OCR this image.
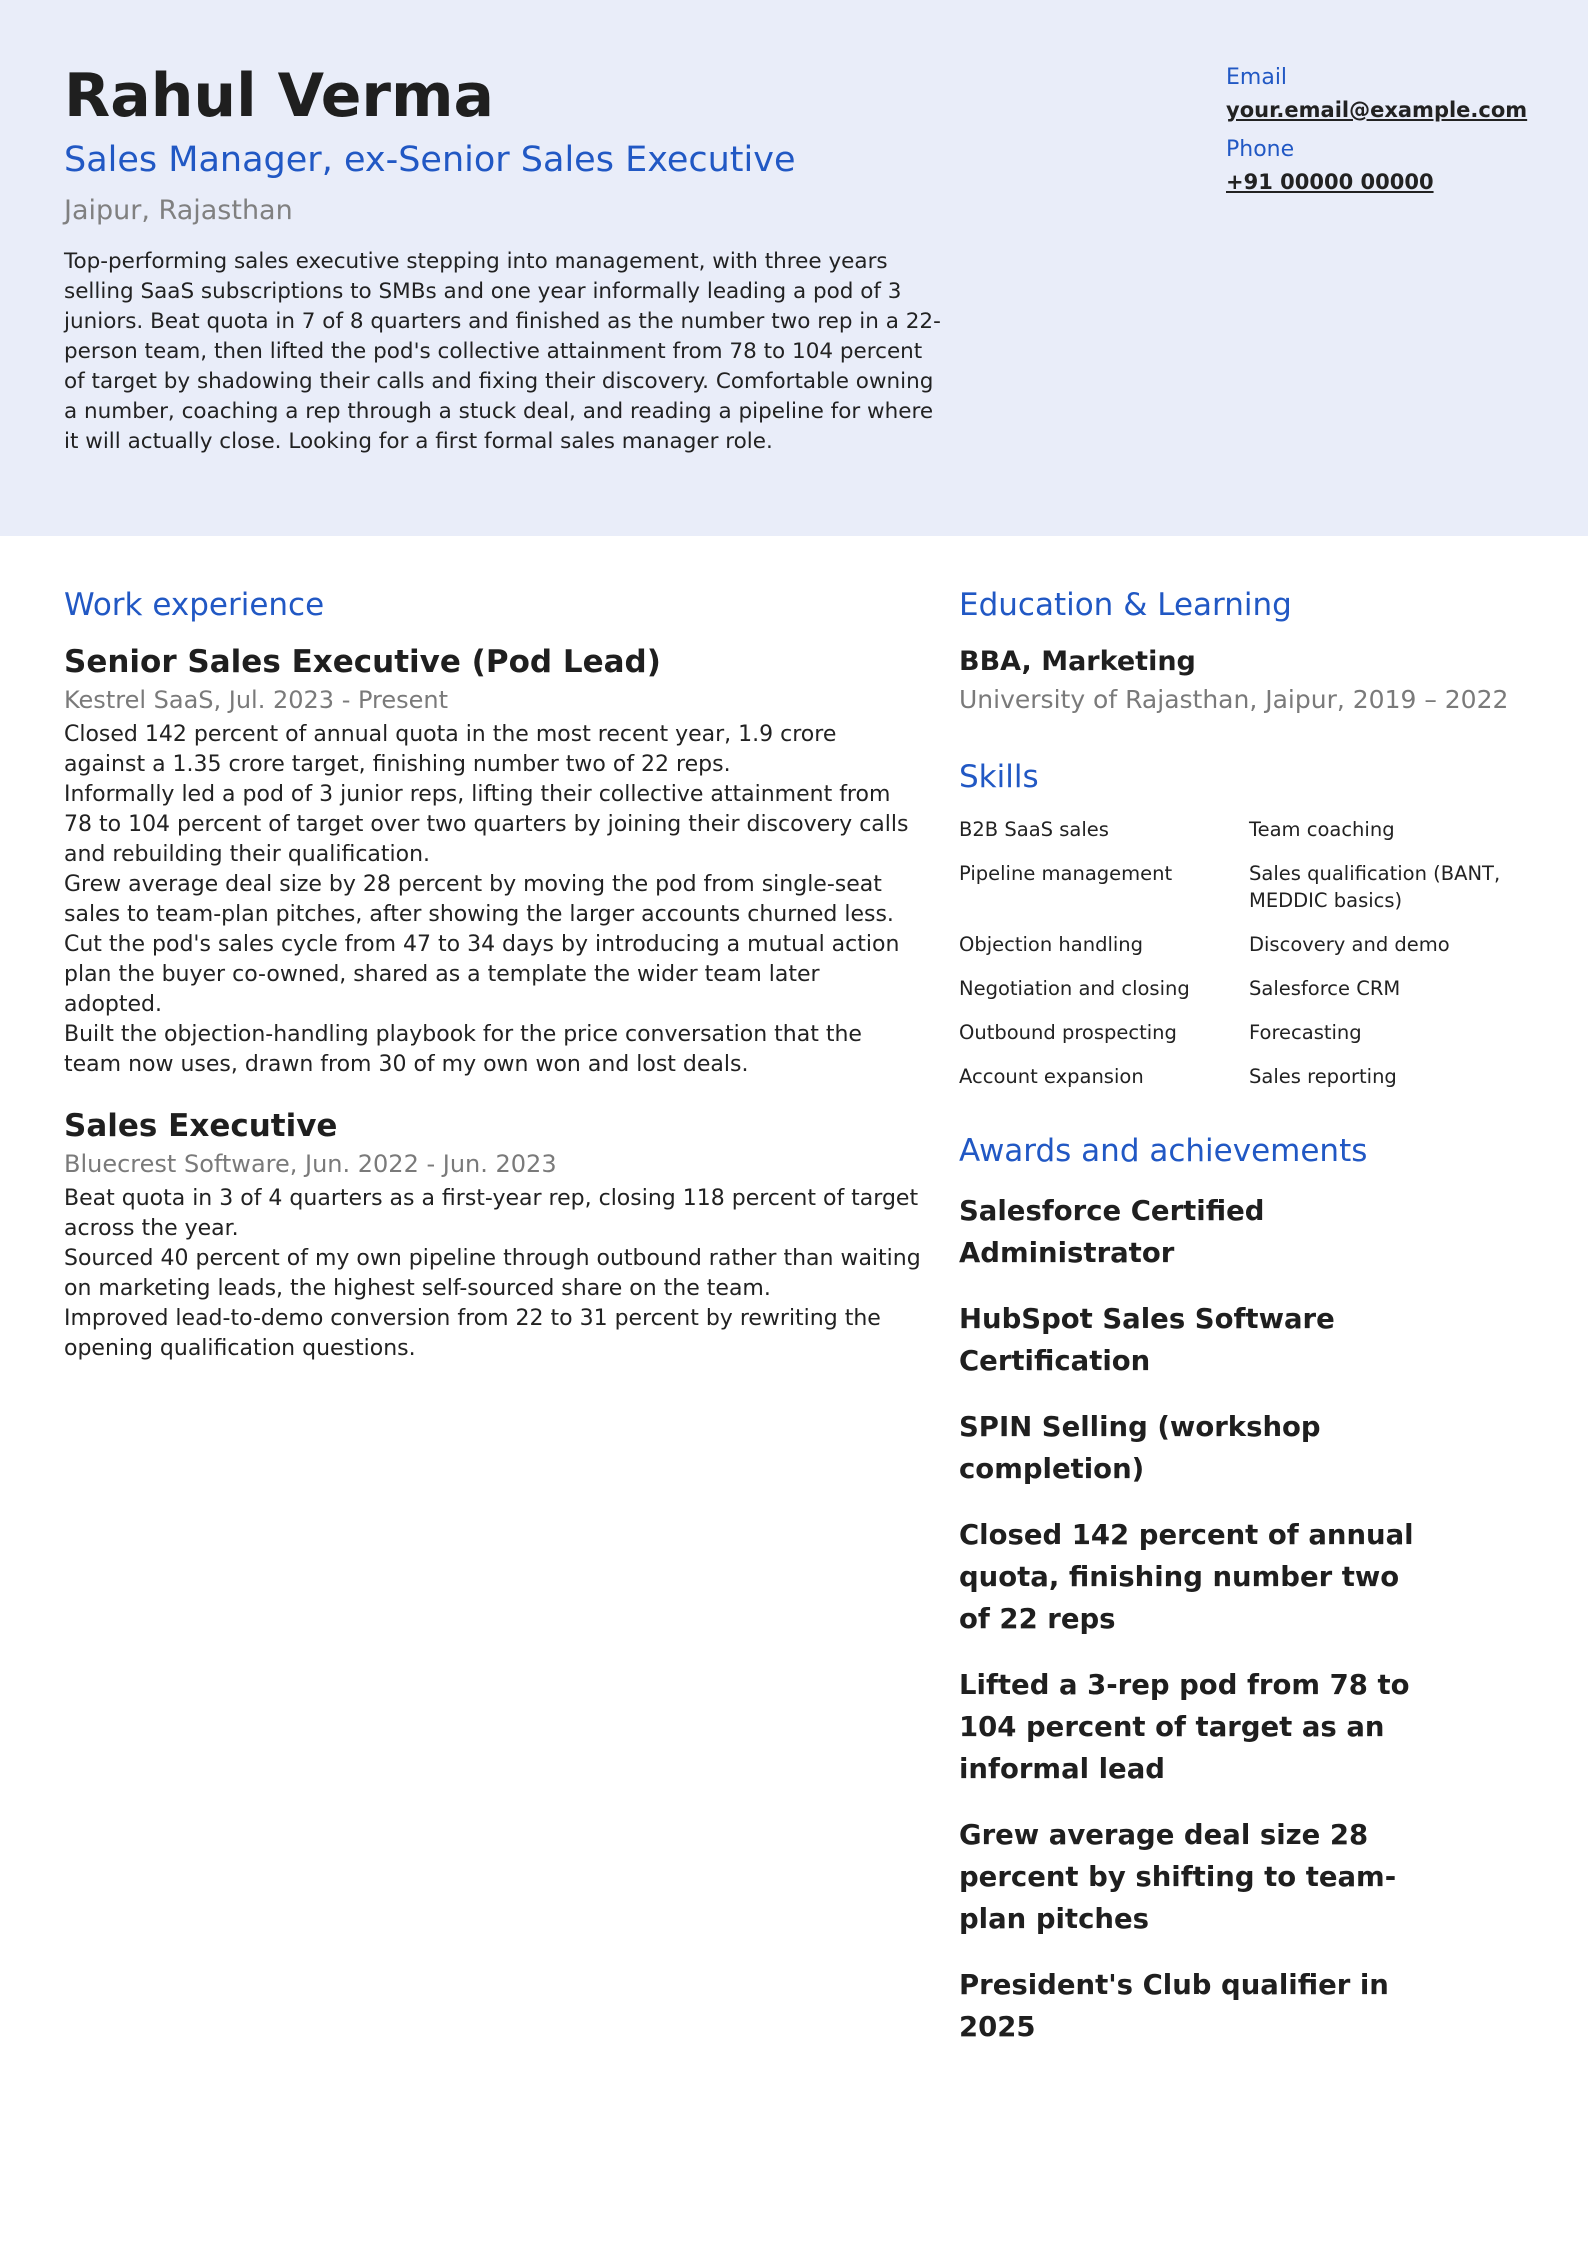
Rahul Verma
Sales Manager, ex-Senior Sales Executive
Jaipur, Rajasthan
Top-performing sales executive stepping into management, with three years selling SaaS subscriptions to SMBs and one year informally leading a pod of 3 juniors. Beat quota in 7 of 8 quarters and finished as the number two rep in a 22-person team, then lifted the pod's collective attainment from 78 to 104 percent of target by shadowing their calls and fixing their discovery. Comfortable owning a number, coaching a rep through a stuck deal, and reading a pipeline for where it will actually close. Looking for a first formal sales manager role.
Email
your.email@example.com
Phone
+91 00000 00000
Work experience
Senior Sales Executive (Pod Lead)
Kestrel SaaS, Jul. 2023 - Present
Closed 142 percent of annual quota in the most recent year, 1.9 crore against a 1.35 crore target, finishing number two of 22 reps.
Informally led a pod of 3 junior reps, lifting their collective attainment from 78 to 104 percent of target over two quarters by joining their discovery calls and rebuilding their qualification.
Grew average deal size by 28 percent by moving the pod from single-seat sales to team-plan pitches, after showing the larger accounts churned less.
Cut the pod's sales cycle from 47 to 34 days by introducing a mutual action plan the buyer co-owned, shared as a template the wider team later adopted.
Built the objection-handling playbook for the price conversation that the team now uses, drawn from 30 of my own won and lost deals.
Sales Executive
Bluecrest Software, Jun. 2022 - Jun. 2023
Beat quota in 3 of 4 quarters as a first-year rep, closing 118 percent of target across the year.
Sourced 40 percent of my own pipeline through outbound rather than waiting on marketing leads, the highest self-sourced share on the team.
Improved lead-to-demo conversion from 22 to 31 percent by rewriting the opening qualification questions.
Education & Learning
BBA, Marketing
University of Rajasthan, Jaipur, 2019 – 2022
Skills
B2B SaaS sales	Team coaching
Pipeline management	Sales qualification (BANT, MEDDIC basics)
Objection handling	Discovery and demo
Negotiation and closing	Salesforce CRM
Outbound prospecting	Forecasting
Account expansion	Sales reporting
Awards and achievements
Salesforce Certified Administrator
HubSpot Sales Software Certification
SPIN Selling (workshop completion)
Closed 142 percent of annual quota, finishing number two of 22 reps
Lifted a 3-rep pod from 78 to 104 percent of target as an informal lead
Grew average deal size 28 percent by shifting to team-plan pitches
President's Club qualifier in 2025
